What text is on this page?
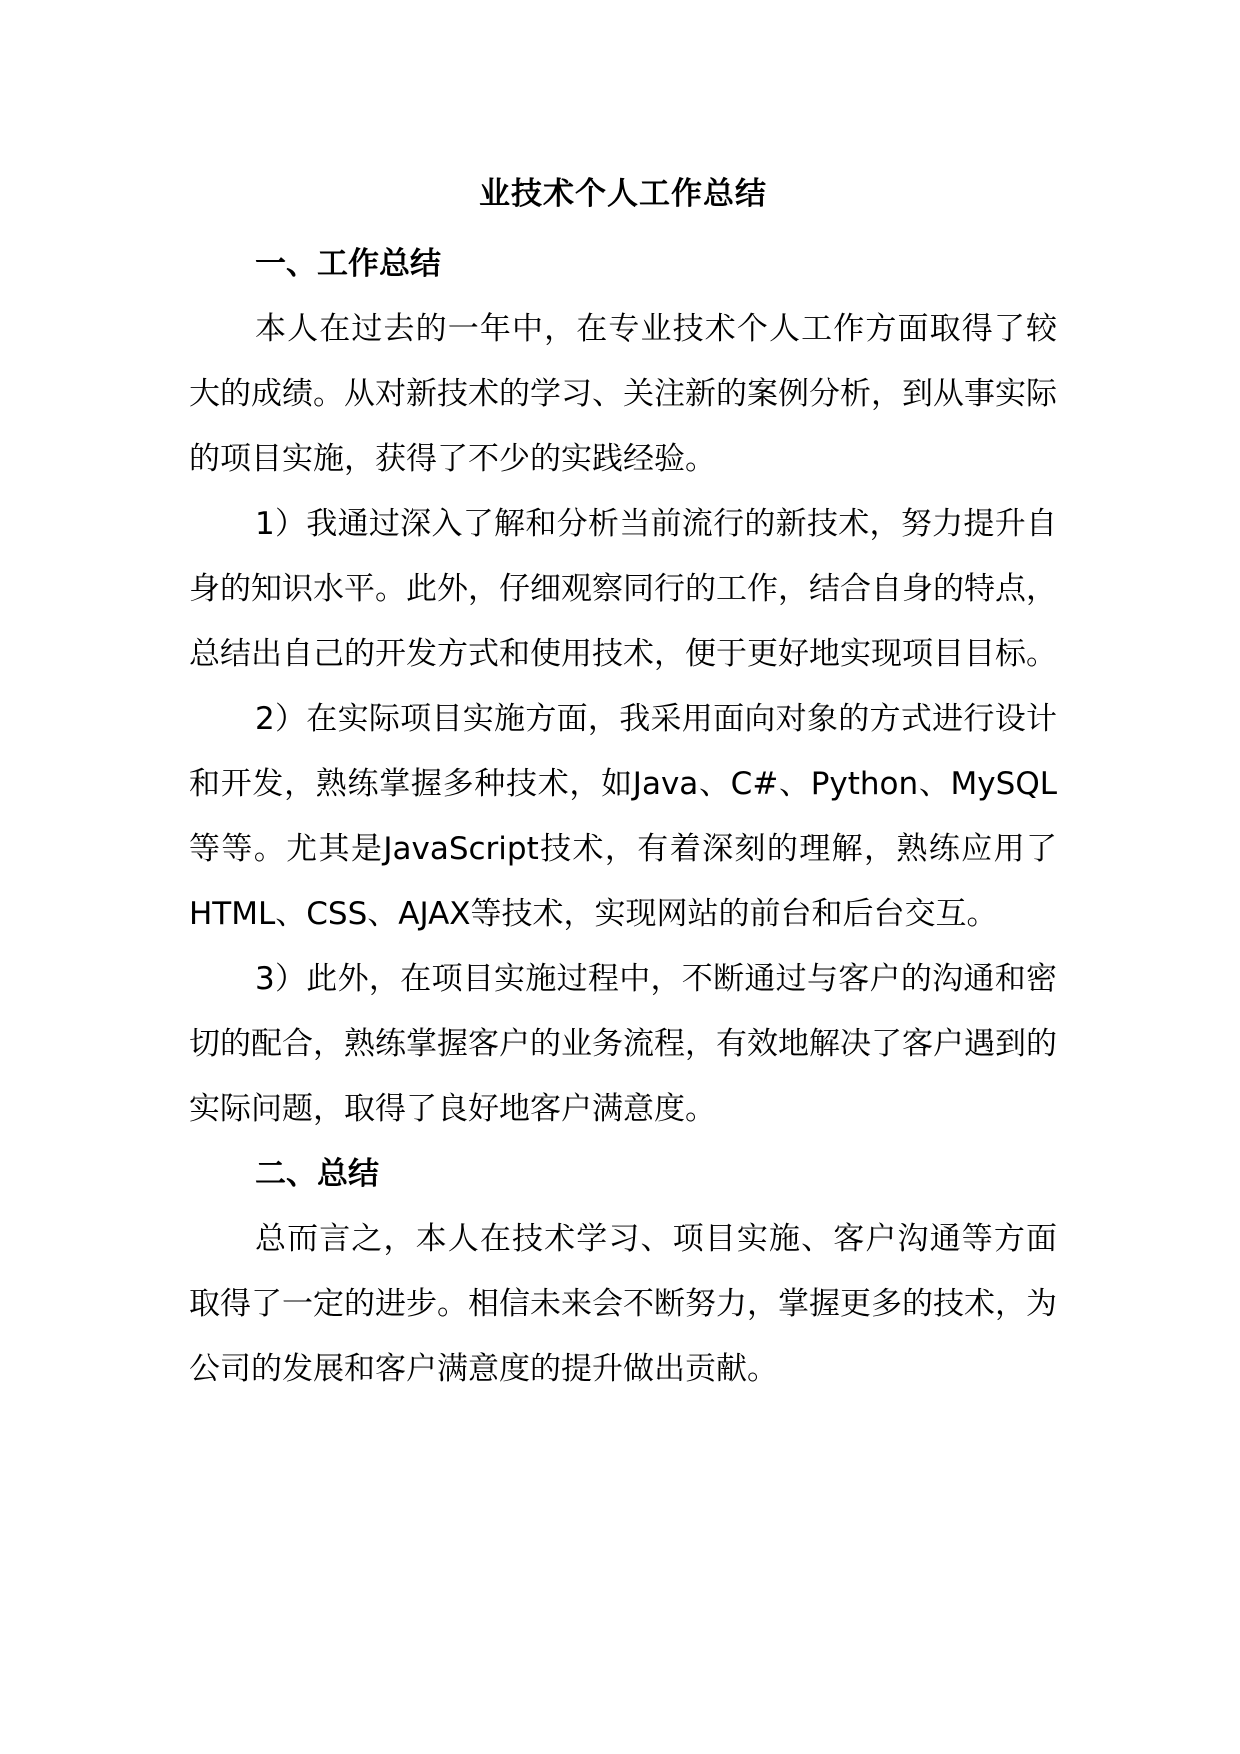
业技术个人工作总结
一、工作总结

本人在过去的一年中，在专业技术个人工作方面取得了较大的成绩。从对新技术的学习、关注新的案例分析，到从事实际的项目实施，获得了不少的实践经验。

1）我通过深入了解和分析当前流行的新技术，努力提升自身的知识水平。此外，仔细观察同行的工作，结合自身的特点，总结出自己的开发方式和使用技术，便于更好地实现项目目标。

2）在实际项目实施方面，我采用面向对象的方式进行设计和开发，熟练掌握多种技术，如Java、C#、Python、MySQL等等。尤其是JavaScript技术，有着深刻的理解，熟练应用了HTML、CSS、AJAX等技术，实现网站的前台和后台交互。

3）此外，在项目实施过程中，不断通过与客户的沟通和密切的配合，熟练掌握客户的业务流程，有效地解决了客户遇到的实际问题，取得了良好地客户满意度。

二、总结

总而言之，本人在技术学习、项目实施、客户沟通等方面取得了一定的进步。相信未来会不断努力，掌握更多的技术，为公司的发展和客户满意度的提升做出贡献。
